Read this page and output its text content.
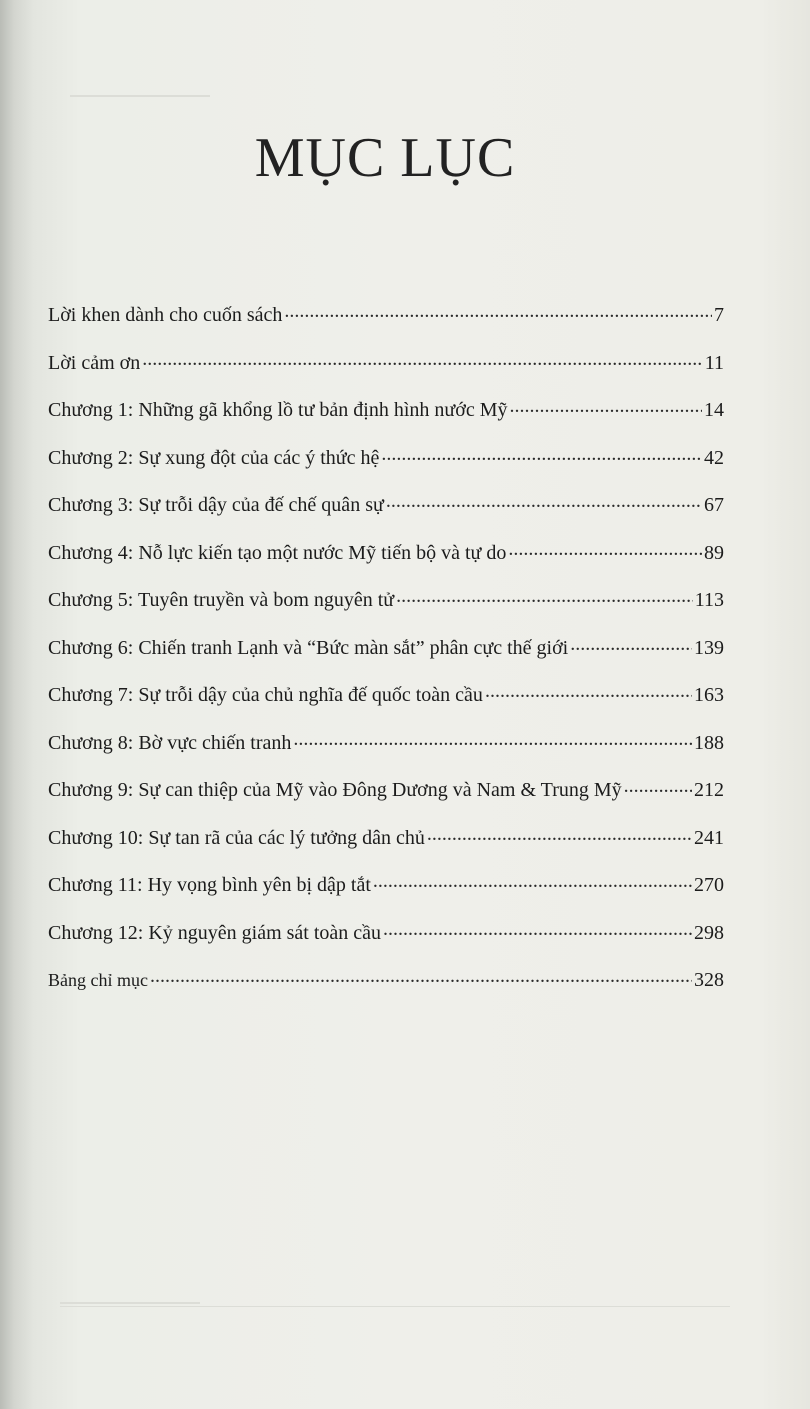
MỤC LỤC
Lời khen dành cho cuốn sách .....	7
Lời cảm ơn .....	11
Chương 1: Những gã khổng lồ tư bản định hình nước Mỹ .....	14
Chương 2: Sự xung đột của các ý thức hệ .....	42
Chương 3: Sự trỗi dậy của đế chế quân sự .....	67
Chương 4: Nỗ lực kiến tạo một nước Mỹ tiến bộ và tự do .....	89
Chương 5: Tuyên truyền và bom nguyên tử .....	113
Chương 6: Chiến tranh Lạnh và “Bức màn sắt” phân cực thế giới .....	139
Chương 7: Sự trỗi dậy của chủ nghĩa đế quốc toàn cầu .....	163
Chương 8: Bờ vực chiến tranh .....	188
Chương 9: Sự can thiệp của Mỹ vào Đông Dương và Nam & Trung Mỹ .....	212
Chương 10: Sự tan rã của các lý tưởng dân chủ .....	241
Chương 11: Hy vọng bình yên bị dập tắt .....	270
Chương 12: Kỷ nguyên giám sát toàn cầu .....	298
Bảng chỉ mục .....	328
